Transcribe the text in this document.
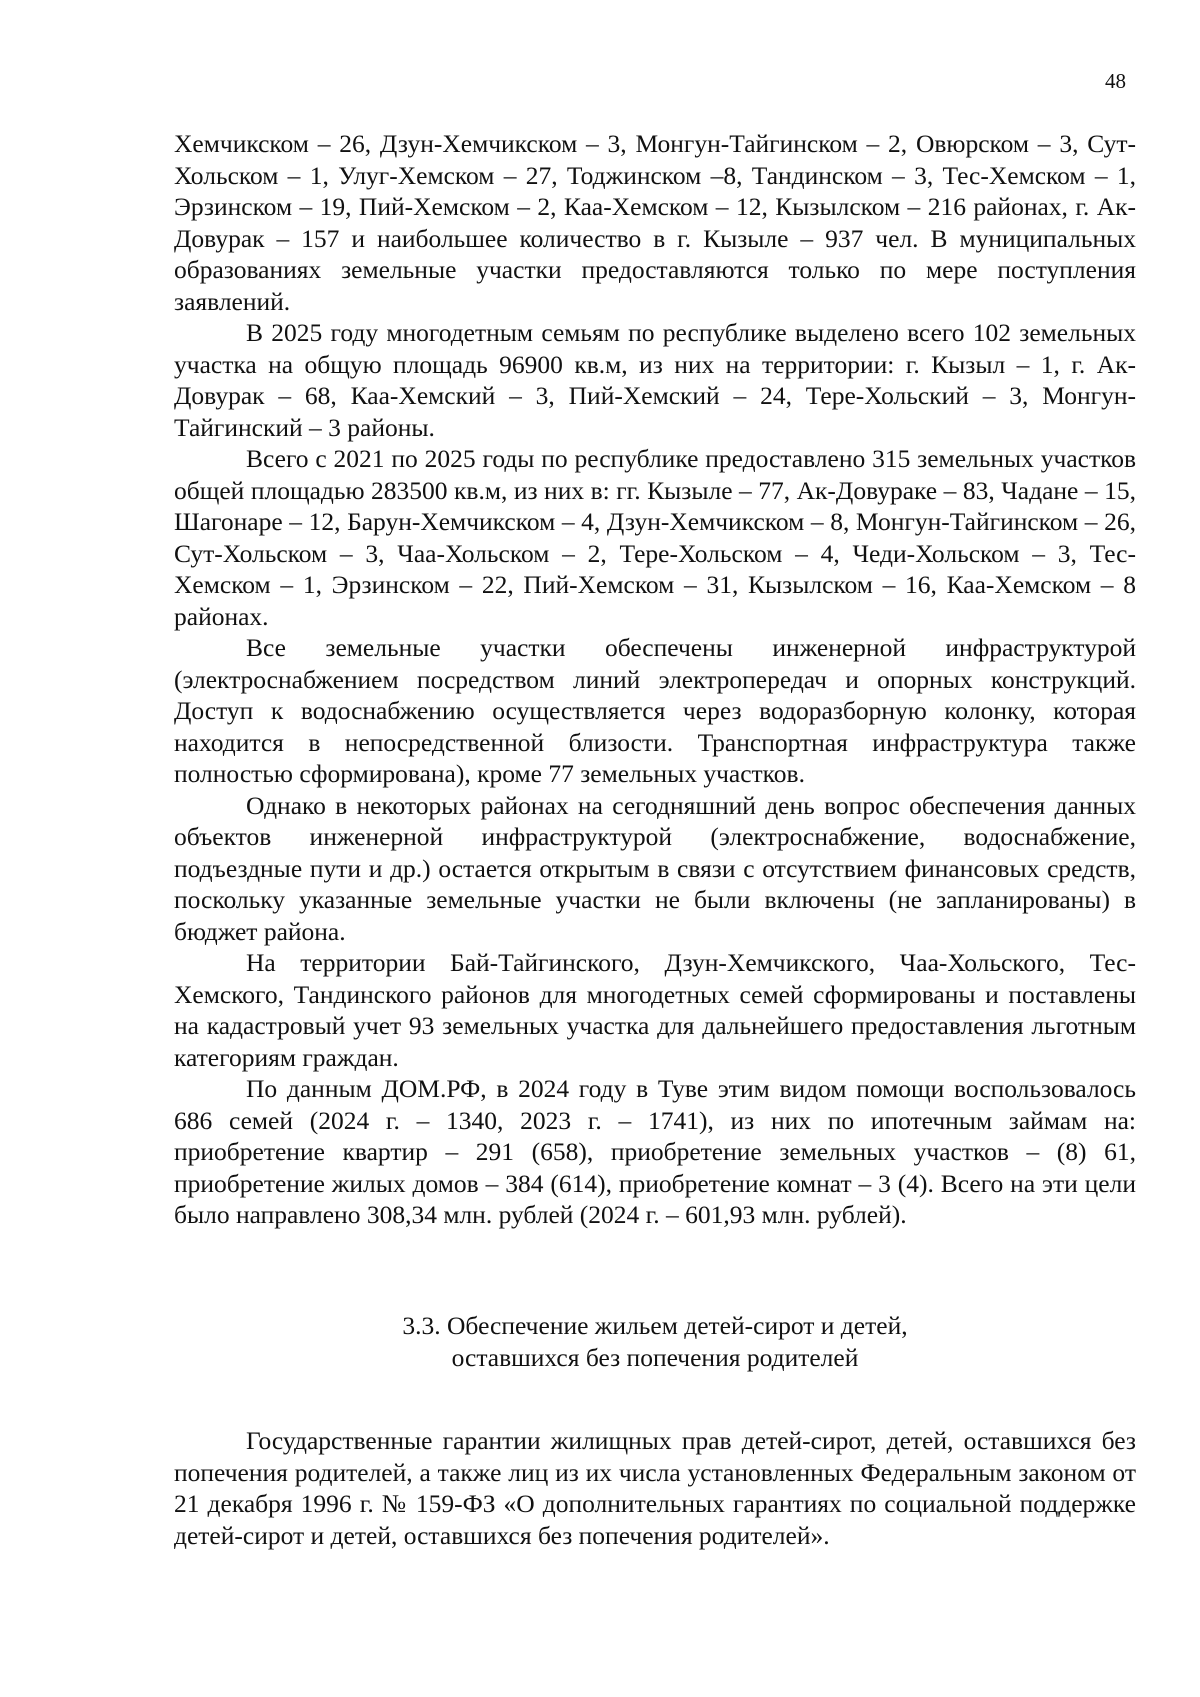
48

Хемчикском – 26, Дзун-Хемчикском – 3, Монгун-Тайгинском – 2, Овюрском – 3, Сут-Хольском – 1, Улуг-Хемском – 27, Тоджинском –8, Тандинском – 3, Тес-Хемском – 1, Эрзинском – 19, Пий-Хемском – 2, Каа-Хемском – 12, Кызылском – 216 районах, г. Ак-Довурак – 157 и наибольшее количество в г. Кызыле – 937 чел. В муниципальных образованиях земельные участки предоставляются только по мере поступления заявлений.

В 2025 году многодетным семьям по республике выделено всего 102 земельных участка на общую площадь 96900 кв.м, из них на территории: г. Кызыл – 1, г. Ак-Довурак – 68, Каа-Хемский – 3, Пий-Хемский – 24, Тере-Хольский – 3, Монгун-Тайгинский – 3 районы.

Всего с 2021 по 2025 годы по республике предоставлено 315 земельных участков общей площадью 283500 кв.м, из них в: гг. Кызыле – 77, Ак-Довураке – 83, Чадане – 15, Шагонаре – 12, Барун-Хемчикском – 4, Дзун-Хемчикском – 8, Монгун-Тайгинском – 26, Сут-Хольском – 3, Чаа-Хольском – 2, Тере-Хольском – 4, Чеди-Хольском – 3, Тес-Хемском – 1, Эрзинском – 22, Пий-Хемском – 31, Кызылском – 16, Каа-Хемском – 8 районах.

Все земельные участки обеспечены инженерной инфраструктурой (электроснабжением посредством линий электропередач и опорных конструкций. Доступ к водоснабжению осуществляется через водоразборную колонку, которая находится в непосредственной близости. Транспортная инфраструктура также полностью сформирована), кроме 77 земельных участков.

Однако в некоторых районах на сегодняшний день вопрос обеспечения данных объектов инженерной инфраструктурой (электроснабжение, водоснабжение, подъездные пути и др.) остается открытым в связи с отсутствием финансовых средств, поскольку указанные земельные участки не были включены (не запланированы) в бюджет района.

На территории Бай-Тайгинского, Дзун-Хемчикского, Чаа-Хольского, Тес-Хемского, Тандинского районов для многодетных семей сформированы и поставлены на кадастровый учет 93 земельных участка для дальнейшего предоставления льготным категориям граждан.

По данным ДОМ.РФ, в 2024 году в Туве этим видом помощи воспользовалось 686 семей (2024 г. – 1340, 2023 г. – 1741), из них по ипотечным займам на: приобретение квартир – 291 (658), приобретение земельных участков – (8) 61, приобретение жилых домов – 384 (614), приобретение комнат – 3 (4). Всего на эти цели было направлено 308,34 млн. рублей (2024 г. – 601,93 млн. рублей).

3.3. Обеспечение жильем детей-сирот и детей,
оставшихся без попечения родителей

Государственные гарантии жилищных прав детей-сирот, детей, оставшихся без попечения родителей, а также лиц из их числа установленных Федеральным законом от 21 декабря 1996 г. № 159-ФЗ «О дополнительных гарантиях по социальной поддержке детей-сирот и детей, оставшихся без попечения родителей».
